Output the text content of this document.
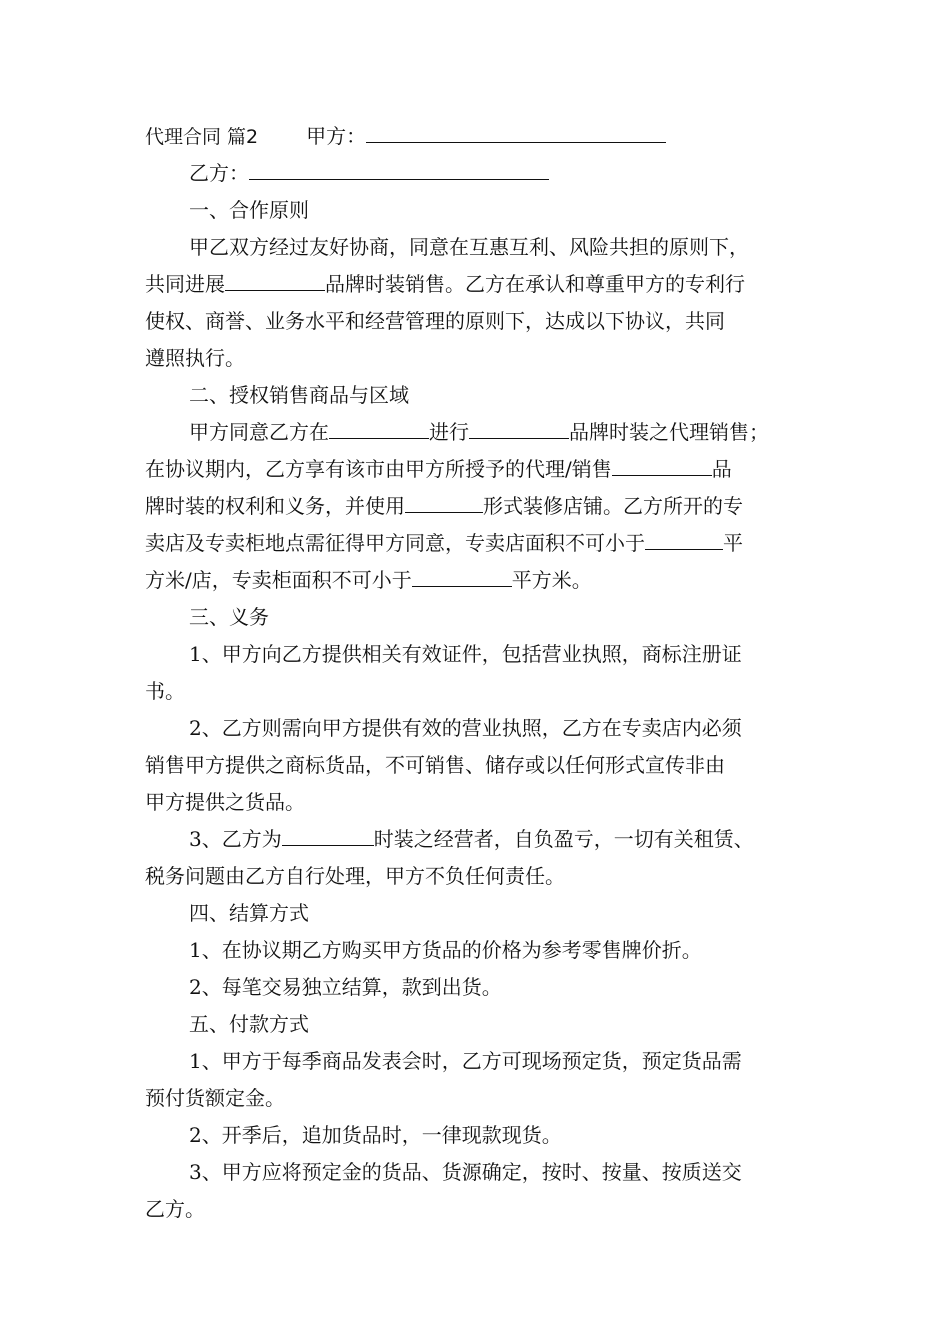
代理合同 篇2 甲方：
乙方：
一、合作原则
甲乙双方经过友好协商，同意在互惠互利、风险共担的原则下，
共同进展	品牌时装销售。乙方在承认和尊重甲方的专利行
使权、商誉、业务水平和经营管理的原则下，达成以下协议，共同
遵照执行。
二、授权销售商品与区域
甲方同意乙方在	进行	品牌时装之代理销售；
在协议期内，乙方享有该市由甲方所授予的代理/销售	品
牌时装的权利和义务，并使用	形式装修店铺。乙方所开的专
卖店及专卖柜地点需征得甲方同意，专卖店面积不可小于	平
方米/店，专卖柜面积不可小于	平方米。
三、义务
1、甲方向乙方提供相关有效证件，包括营业执照，商标注册证
书。
2、乙方则需向甲方提供有效的营业执照，乙方在专卖店内必须
销售甲方提供之商标货品，不可销售、储存或以任何形式宣传非由
甲方提供之货品。
3、乙方为	时装之经营者，自负盈亏，一切有关租赁、
税务问题由乙方自行处理，甲方不负任何责任。
四、结算方式
1、在协议期乙方购买甲方货品的价格为参考零售牌价折。
2、每笔交易独立结算，款到出货。
五、付款方式
1、甲方于每季商品发表会时，乙方可现场预定货，预定货品需
预付货额定金。
2、开季后，追加货品时，一律现款现货。
3、甲方应将预定金的货品、货源确定，按时、按量、按质送交
乙方。
